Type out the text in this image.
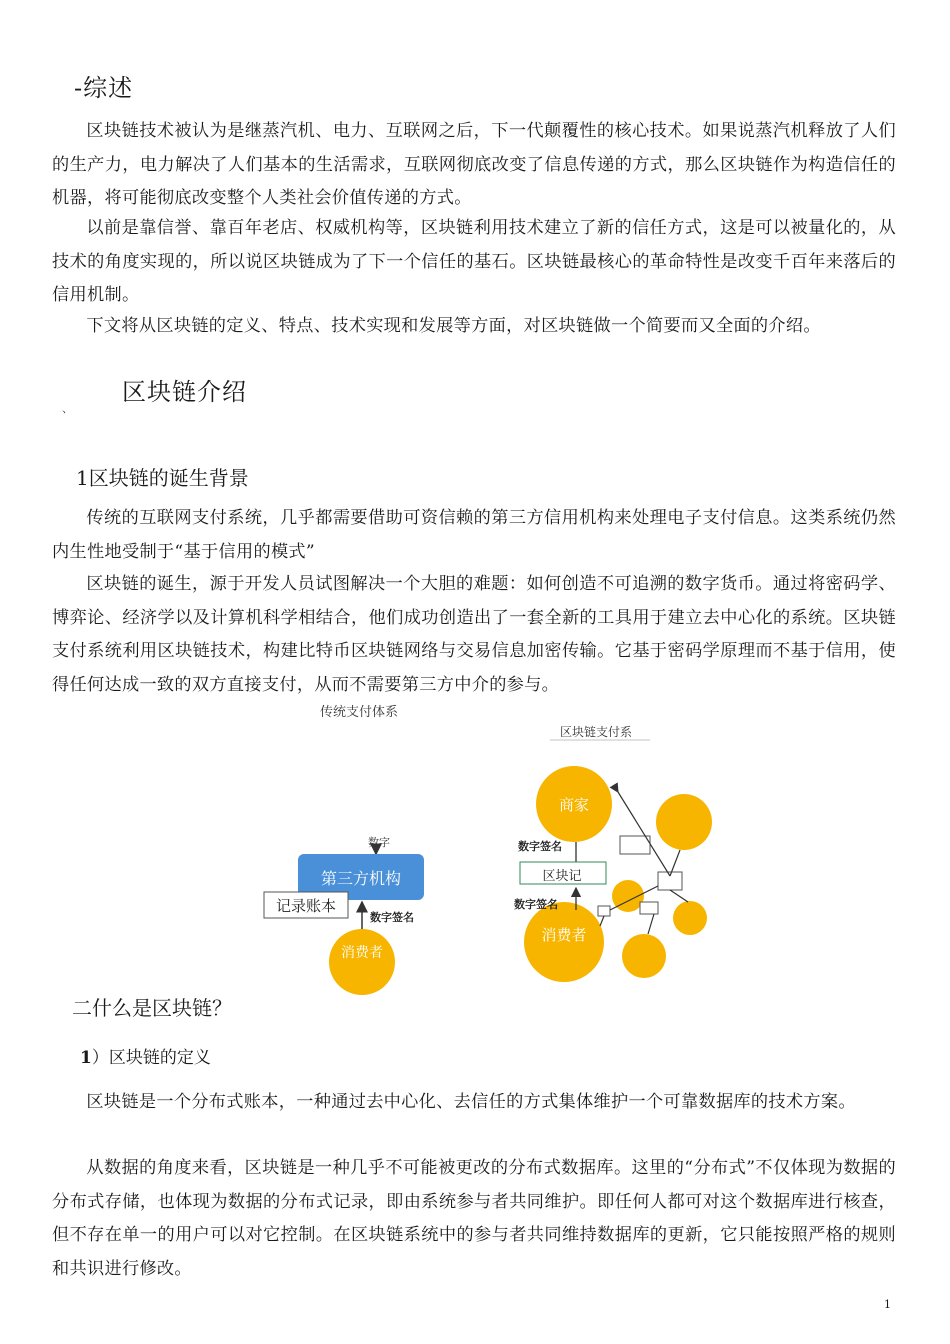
-综述

区块链技术被认为是继蒸汽机、电力、互联网之后，下一代颠覆性的核心技术。如果说蒸汽机释放了人们的生产力，电力解决了人们基本的生活需求，互联网彻底改变了信息传递的方式，那么区块链作为构造信任的机器，将可能彻底改变整个人类社会价值传递的方式。

以前是靠信誉、靠百年老店、权威机构等，区块链利用技术建立了新的信任方式，这是可以被量化的，从技术的角度实现的，所以说区块链成为了下一个信任的基石。区块链最核心的革命特性是改变千百年来落后的信用机制。

下文将从区块链的定义、特点、技术实现和发展等方面，对区块链做一个简要而又全面的介绍。

、
区块链介绍
1区块链的诞生背景

传统的互联网支付系统，几乎都需要借助可资信赖的第三方信用机构来处理电子支付信息。这类系统仍然内生性地受制于“基于信用的模式”

区块链的诞生，源于开发人员试图解决一个大胆的难题：如何创造不可追溯的数字货币。通过将密码学、博弈论、经济学以及计算机科学相结合，他们成功创造出了一套全新的工具用于建立去中心化的系统。区块链支付系统利用区块链技术，构建比特币区块链网络与交易信息加密传输。它基于密码学原理而不基于信用，使得任何达成一致的双方直接支付，从而不需要第三方中介的参与。

传统支付体系
数字
第三方机构
记录账本
数字签名
消费者
区块链支付系
商家
消费者
数字签名
区块记
数字签名
二什么是区块链？
1）区块链的定义

区块链是一个分布式账本，一种通过去中心化、去信任的方式集体维护一个可靠数据库的技术方案。

从数据的角度来看，区块链是一种几乎不可能被更改的分布式数据库。这里的“分布式”不仅体现为数据的分布式存储，也体现为数据的分布式记录，即由系统参与者共同维护。即任何人都可对这个数据库进行核查，但不存在单一的用户可以对它控制。在区块链系统中的参与者共同维持数据库的更新，它只能按照严格的规则和共识进行修改。

1
